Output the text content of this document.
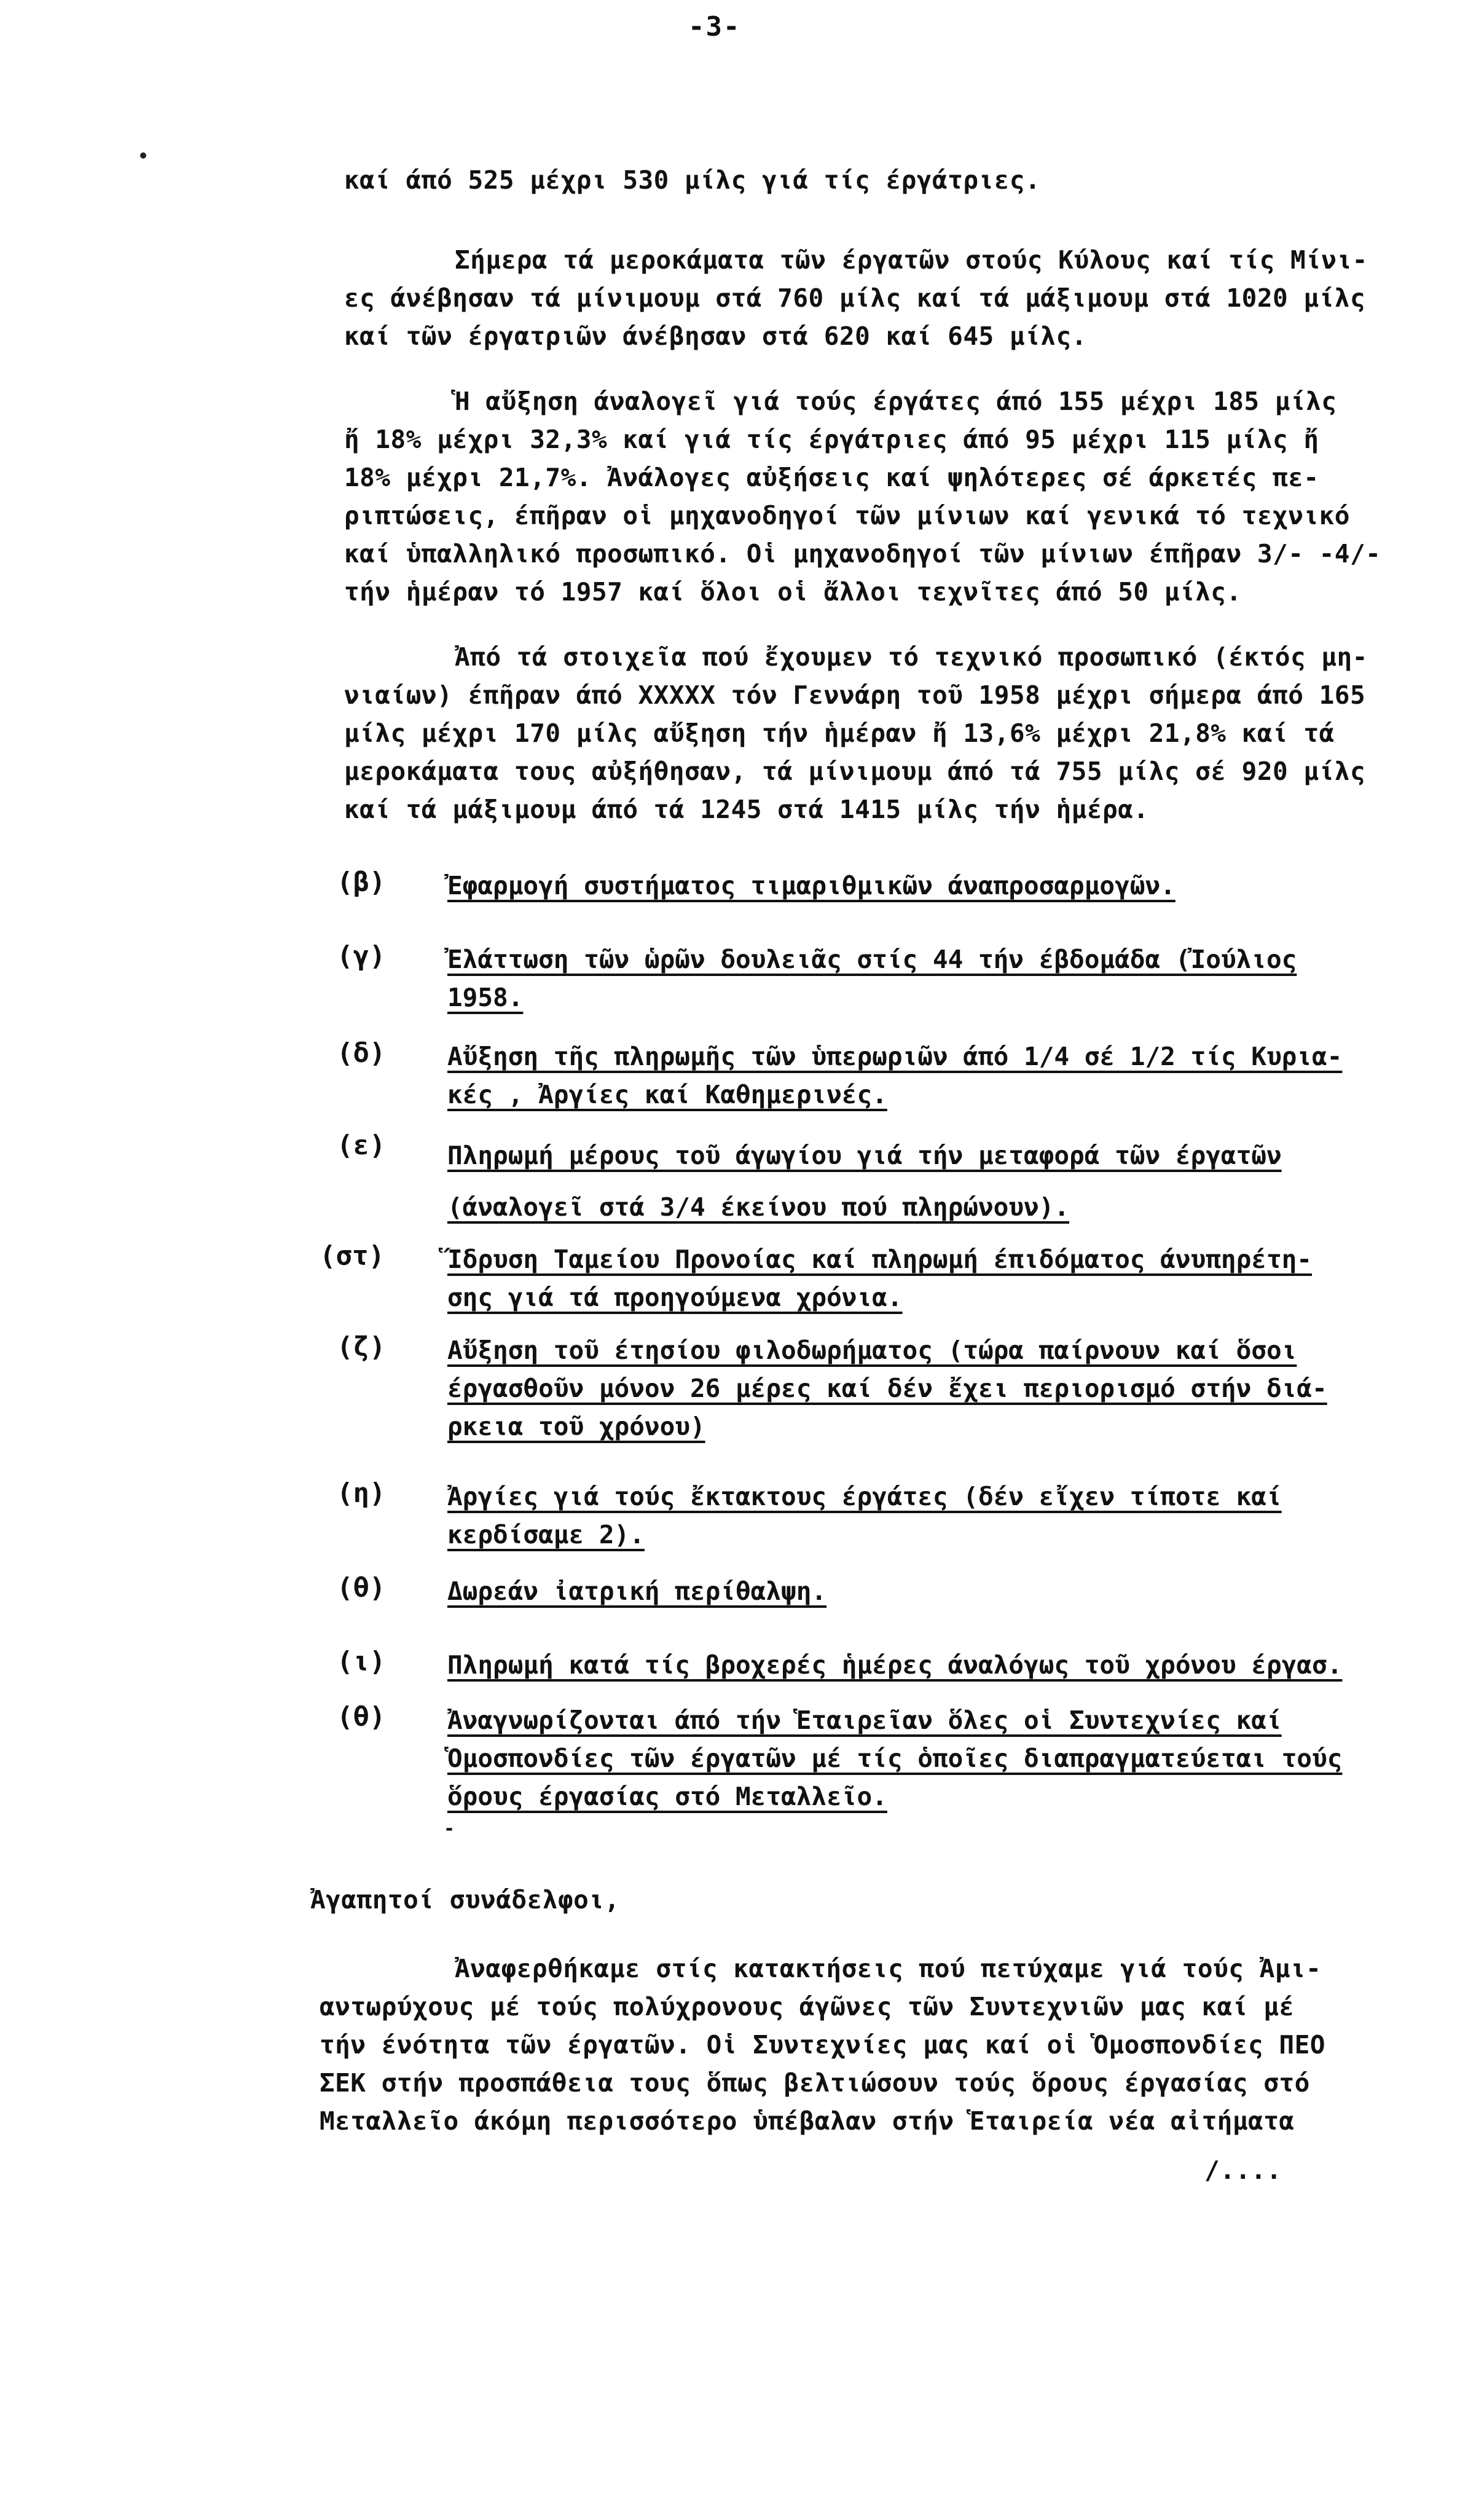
-3-
καί άπό 525 μέχρι 530 μίλς γιά τίς έργάτριες.
Σήμερα τά μεροκάματα τῶν έργατῶν στούς Κύλους καί τίς Μίνι-
ες άνέβησαν τά μίνιμουμ στά 760 μίλς καί τά μάξιμουμ στά 1020 μίλς
καί τῶν έργατριῶν άνέβησαν στά 620 καί 645 μίλς.
Ἡ αὔξηση άναλογεῖ γιά τούς έργάτες άπό 155 μέχρι 185 μίλς
ἤ 18% μέχρι 32,3% καί γιά τίς έργάτριες άπό 95 μέχρι 115 μίλς ἤ
18% μέχρι 21,7%. Ἀνάλογες αὐξήσεις καί ψηλότερες σέ άρκετές πε-
ριπτώσεις, έπῆραν οἱ μηχανοδηγοί τῶν μίνιων καί γενικά τό τεχνικό
καί ὑπαλληλικό προσωπικό. Οἱ μηχανοδηγοί τῶν μίνιων έπῆραν 3/- -4/-
τήν ἡμέραν τό 1957 καί ὅλοι οἱ ἄλλοι τεχνῖτες άπό 50 μίλς.
Ἀπό τά στοιχεῖα πού ἔχουμεν τό τεχνικό προσωπικό (έκτός μη-
νιαίων) έπῆραν άπό ΧΧΧΧΧ τόν Γεννάρη τοῦ 1958 μέχρι σήμερα άπό 165
μίλς μέχρι 170 μίλς αὔξηση τήν ἡμέραν ἤ 13,6% μέχρι 21,8% καί τά
μεροκάματα τους αὐξήθησαν, τά μίνιμουμ άπό τά 755 μίλς σέ 920 μίλς
καί τά μάξιμουμ άπό τά 1245 στά 1415 μίλς τήν ἡμέρα.
(β) Ἐφαρμογή συστήματος τιμαριθμικῶν άναπροσαρμογῶν.
(γ) Ἐλάττωση τῶν ὡρῶν δουλειᾶς στίς 44 τήν έβδομάδα (Ἰούλιος
1958.
(δ) Αὔξηση τῆς πληρωμῆς τῶν ὑπερωριῶν άπό 1/4 σέ 1/2 τίς Κυρια-
κές , Ἀργίες καί Καθημερινές.
(ε) Πληρωμή μέρους τοῦ άγωγίου γιά τήν μεταφορά τῶν έργατῶν
(άναλογεῖ στά 3/4 έκείνου πού πληρώνουν).
(στ) Ἵδρυση Ταμείου Προνοίας καί πληρωμή έπιδόματος άνυπηρέτη-
σης γιά τά προηγούμενα χρόνια.
(ζ) Αὔξηση τοῦ έτησίου φιλοδωρήματος (τώρα παίρνουν καί ὅσοι
έργασθοῦν μόνον 26 μέρες καί δέν ἔχει περιορισμό στήν διά-
ρκεια τοῦ χρόνου)
(η) Ἀργίες γιά τούς ἔκτακτους έργάτες (δέν εἴχεν τίποτε καί
κερδίσαμε 2).
(θ) Δωρεάν ἰατρική περίθαλψη.
(ι) Πληρωμή κατά τίς βροχερές ἡμέρες άναλόγως τοῦ χρόνου έργασ.
(θ) Ἀναγνωρίζονται άπό τήν Ἑταιρεῖαν ὅλες οἱ Συντεχνίες καί
Ὁμοσπονδίες τῶν έργατῶν μέ τίς ὁποῖες διαπραγματεύεται τούς
ὅρους έργασίας στό Μεταλλεῖο.
-
Ἀγαπητοί συνάδελφοι,
Ἀναφερθήκαμε στίς κατακτήσεις πού πετύχαμε γιά τούς Ἀμι-
αντωρύχους μέ τούς πολύχρονους άγῶνες τῶν Συντεχνιῶν μας καί μέ
τήν ένότητα τῶν έργατῶν. Οἱ Συντεχνίες μας καί οἱ Ὁμοσπονδίες ΠΕΟ
ΣΕΚ στήν προσπάθεια τους ὅπως βελτιώσουν τούς ὅρους έργασίας στό
Μεταλλεῖο άκόμη περισσότερο ὑπέβαλαν στήν Ἑταιρεία νέα αἰτήματα
/....
